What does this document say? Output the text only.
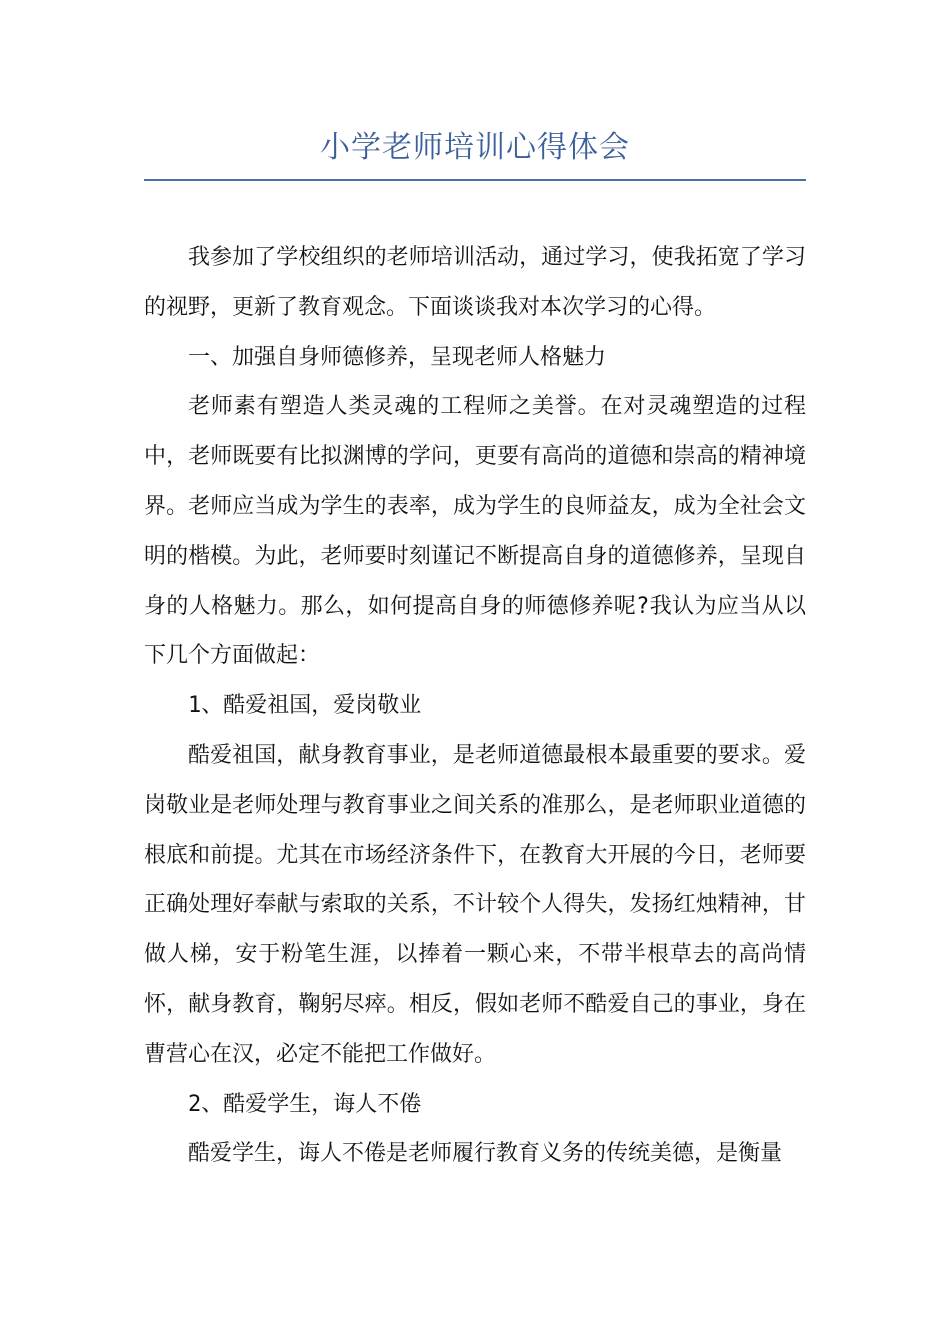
小学老师培训心得体会

我参加了学校组织的老师培训活动，通过学习，使我拓宽了学习的视野，更新了教育观念。下面谈谈我对本次学习的心得。

一、加强自身师德修养，呈现老师人格魅力

老师素有塑造人类灵魂的工程师之美誉。在对灵魂塑造的过程中，老师既要有比拟渊博的学问，更要有高尚的道德和崇高的精神境界。老师应当成为学生的表率，成为学生的良师益友，成为全社会文明的楷模。为此，老师要时刻谨记不断提高自身的道德修养，呈现自身的人格魅力。那么，如何提高自身的师德修养呢?我认为应当从以下几个方面做起：

1、酷爱祖国，爱岗敬业

酷爱祖国，献身教育事业，是老师道德最根本最重要的要求。爱岗敬业是老师处理与教育事业之间关系的准那么，是老师职业道德的根底和前提。尤其在市场经济条件下，在教育大开展的今日，老师要正确处理好奉献与索取的关系，不计较个人得失，发扬红烛精神，甘做人梯，安于粉笔生涯，以捧着一颗心来，不带半根草去的高尚情怀，献身教育，鞠躬尽瘁。相反，假如老师不酷爱自己的事业，身在曹营心在汉，必定不能把工作做好。

2、酷爱学生，诲人不倦

酷爱学生，诲人不倦是老师履行教育义务的传统美德，是衡量
